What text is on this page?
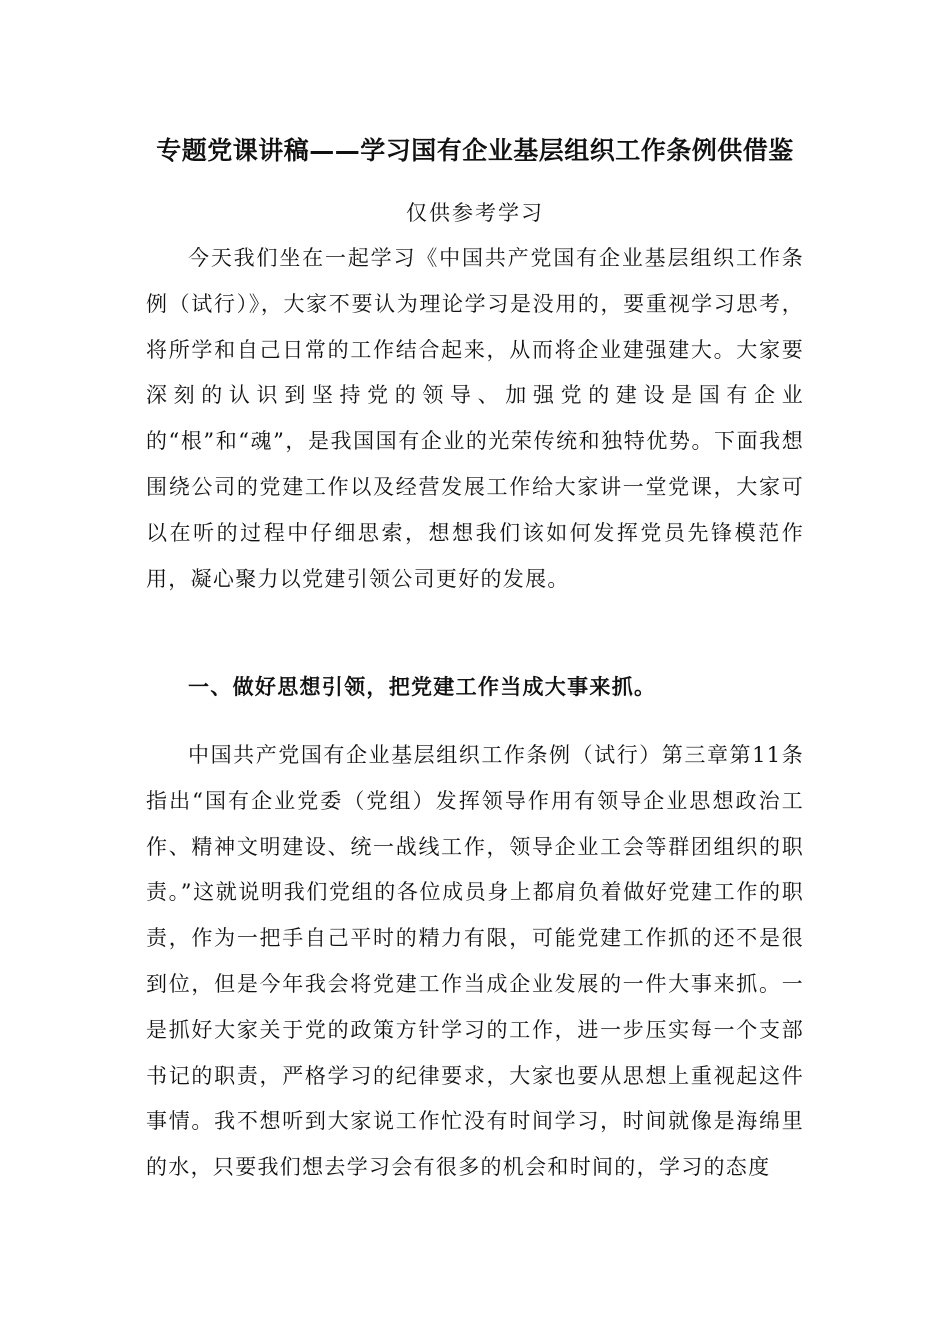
专题党课讲稿——学习国有企业基层组织工作条例供借鉴
仅供参考学习

今天我们坐在一起学习《中国共产党国有企业基层组织工作条例（试行）》，大家不要认为理论学习是没用的，要重视学习思考，将所学和自己日常的工作结合起来，从而将企业建强建大。大家要深刻的认识到坚持党的领导、加强党的建设是国有企业的“根”和“魂”，是我国国有企业的光荣传统和独特优势。下面我想围绕公司的党建工作以及经营发展工作给大家讲一堂党课，大家可以在听的过程中仔细思索，想想我们该如何发挥党员先锋模范作用，凝心聚力以党建引领公司更好的发展。

一、做好思想引领，把党建工作当成大事来抓。

中国共产党国有企业基层组织工作条例（试行）第三章第11条指出“国有企业党委（党组）发挥领导作用有领导企业思想政治工作、精神文明建设、统一战线工作，领导企业工会等群团组织的职责。”这就说明我们党组的各位成员身上都肩负着做好党建工作的职责，作为一把手自己平时的精力有限，可能党建工作抓的还不是很到位，但是今年我会将党建工作当成企业发展的一件大事来抓。一是抓好大家关于党的政策方针学习的工作，进一步压实每一个支部书记的职责，严格学习的纪律要求，大家也要从思想上重视起这件事情。我不想听到大家说工作忙没有时间学习，时间就像是海绵里的水，只要我们想去学习会有很多的机会和时间的，学习的态度
